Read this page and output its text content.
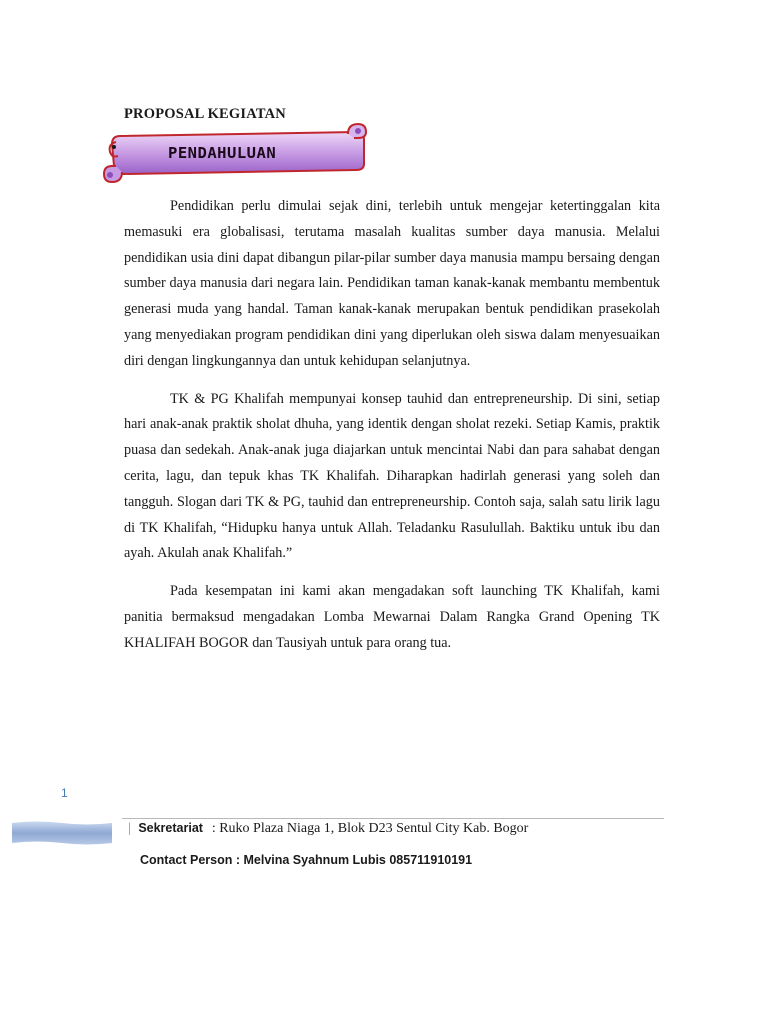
PROPOSAL KEGIATAN
PENDAHULUAN

Pendidikan perlu dimulai sejak dini, terlebih untuk mengejar ketertinggalan kita memasuki era globalisasi, terutama masalah kualitas sumber daya manusia. Melalui pendidikan usia dini dapat dibangun pilar-pilar sumber daya manusia mampu bersaing dengan sumber daya manusia dari negara lain. Pendidikan taman kanak-kanak membantu membentuk generasi muda yang handal. Taman kanak-kanak merupakan bentuk pendidikan prasekolah yang menyediakan program pendidikan dini yang diperlukan oleh siswa dalam menyesuaikan diri dengan lingkungannya dan untuk kehidupan selanjutnya.

TK & PG Khalifah mempunyai konsep tauhid dan entrepreneurship. Di sini, setiap hari anak-anak praktik sholat dhuha, yang identik dengan sholat rezeki. Setiap Kamis, praktik puasa dan sedekah. Anak-anak juga diajarkan untuk mencintai Nabi dan para sahabat dengan cerita, lagu, dan tepuk khas TK Khalifah. Diharapkan hadirlah generasi yang soleh dan tangguh. Slogan dari TK & PG, tauhid dan entrepreneurship. Contoh saja, salah satu lirik lagu di TK Khalifah, “Hidupku hanya untuk Allah. Teladanku Rasulullah. Baktiku untuk ibu dan ayah. Akulah anak Khalifah.”

Pada kesempatan ini kami akan mengadakan soft launching TK Khalifah, kami panitia bermaksud mengadakan Lomba Mewarnai Dalam Rangka Grand Opening TK KHALIFAH BOGOR dan Tausiyah untuk para orang tua.

1
| Sekretariat : Ruko Plaza Niaga 1, Blok D23 Sentul City Kab. Bogor
Contact Person : Melvina Syahnum Lubis 085711910191
